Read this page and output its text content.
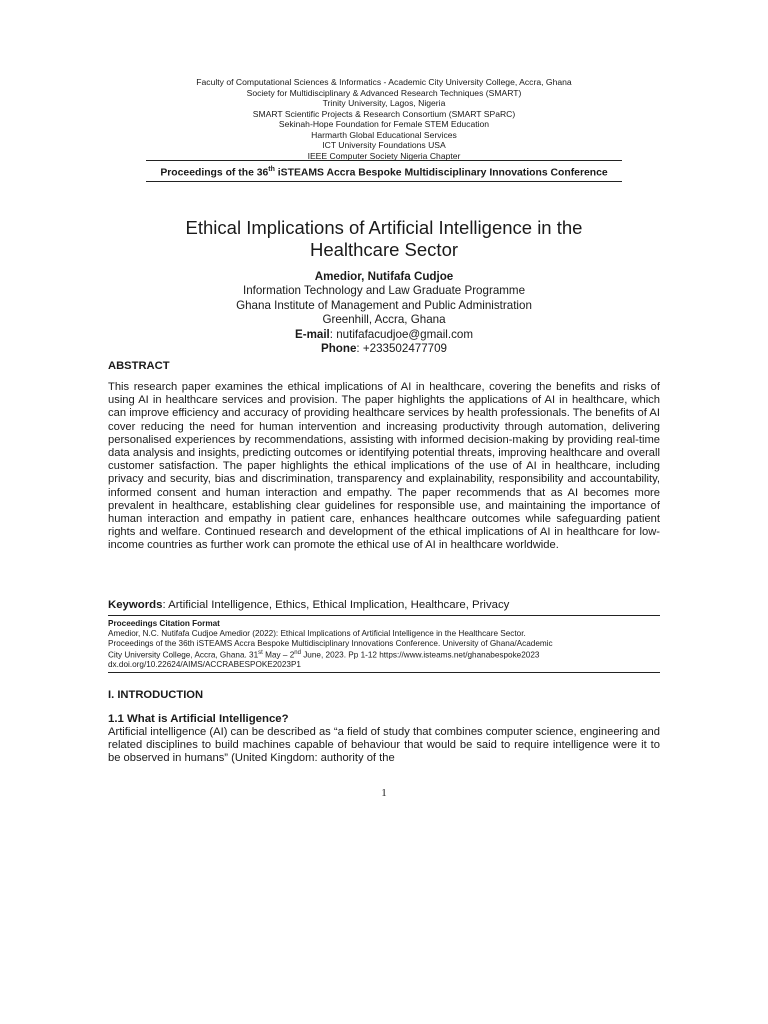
Faculty of Computational Sciences & Informatics - Academic City University College, Accra, Ghana
Society for Multidisciplinary & Advanced Research Techniques (SMART)
Trinity University, Lagos, Nigeria
SMART Scientific Projects & Research Consortium (SMART SPaRC)
Sekinah-Hope Foundation for Female STEM Education
Harmarth Global Educational Services
ICT University Foundations USA
IEEE Computer Society Nigeria Chapter
Proceedings of the 36th iSTEAMS Accra Bespoke Multidisciplinary Innovations Conference
Ethical Implications of Artificial Intelligence in the
Healthcare Sector
Amedior, Nutifafa Cudjoe
Information Technology and Law Graduate Programme
Ghana Institute of Management and Public Administration
Greenhill, Accra, Ghana
E-mail: nutifafacudjoe@gmail.com
Phone: +233502477709
ABSTRACT
This research paper examines the ethical implications of AI in healthcare, covering the benefits and risks of using AI in healthcare services and provision. The paper highlights the applications of AI in healthcare, which can improve efficiency and accuracy of providing healthcare services by health professionals. The benefits of AI cover reducing the need for human intervention and increasing productivity through automation, delivering personalised experiences by recommendations, assisting with informed decision-making by providing real-time data analysis and insights, predicting outcomes or identifying potential threats, improving healthcare and overall customer satisfaction. The paper highlights the ethical implications of the use of AI in healthcare, including privacy and security, bias and discrimination, transparency and explainability, responsibility and accountability, informed consent and human interaction and empathy. The paper recommends that as AI becomes more prevalent in healthcare, establishing clear guidelines for responsible use, and maintaining the importance of human interaction and empathy in patient care, enhances healthcare outcomes while safeguarding patient rights and welfare. Continued research and development of the ethical implications of AI in healthcare for low-income countries as further work can promote the ethical use of AI in healthcare worldwide.
Keywords: Artificial Intelligence, Ethics, Ethical Implication, Healthcare, Privacy
Proceedings Citation Format
Amedior, N.C. Nutifafa Cudjoe Amedior (2022): Ethical Implications of Artificial Intelligence in the Healthcare Sector.
Proceedings of the 36th iSTEAMS Accra Bespoke Multidisciplinary Innovations Conference. University of Ghana/Academic
City University College, Accra, Ghana. 31st May – 2nd June, 2023. Pp 1-12 https://www.isteams.net/ghanabespoke2023
dx.doi.org/10.22624/AIMS/ACCRABESPOKE2023P1
I. INTRODUCTION
1.1 What is Artificial Intelligence?
Artificial intelligence (AI) can be described as “a field of study that combines computer science, engineering and related disciplines to build machines capable of behaviour that would be said to require intelligence were it to be observed in humans” (United Kingdom: authority of the
1
